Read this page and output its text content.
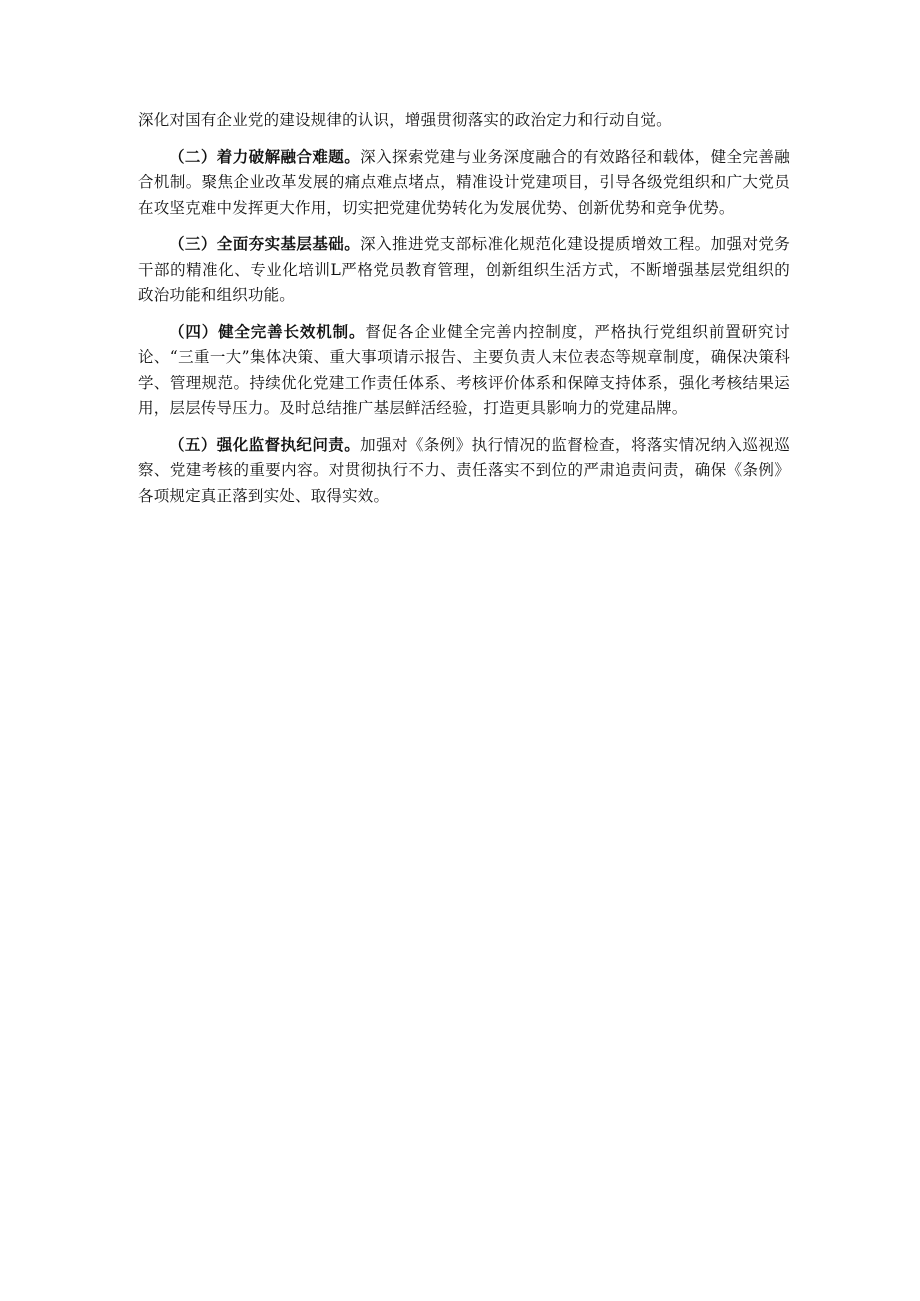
深化对国有企业党的建设规律的认识，增强贯彻落实的政治定力和行动自觉。

（二）着力破解融合难题。深入探索党建与业务深度融合的有效路径和载体，健全完善融合机制。聚焦企业改革发展的痛点难点堵点，精准设计党建项目，引导各级党组织和广大党员在攻坚克难中发挥更大作用，切实把党建优势转化为发展优势、创新优势和竞争优势。

（三）全面夯实基层基础。深入推进党支部标准化规范化建设提质增效工程。加强对党务干部的精准化、专业化培训L严格党员教育管理，创新组织生活方式，不断增强基层党组织的政治功能和组织功能。

（四）健全完善长效机制。督促各企业健全完善内控制度，严格执行党组织前置研究讨论、“三重一大”集体决策、重大事项请示报告、主要负责人末位表态等规章制度，确保决策科学、管理规范。持续优化党建工作责任体系、考核评价体系和保障支持体系，强化考核结果运用，层层传导压力。及时总结推广基层鲜活经验，打造更具影响力的党建品牌。

（五）强化监督执纪问责。加强对《条例》执行情况的监督检查，将落实情况纳入巡视巡察、党建考核的重要内容。对贯彻执行不力、责任落实不到位的严肃追责问责，确保《条例》各项规定真正落到实处、取得实效。
